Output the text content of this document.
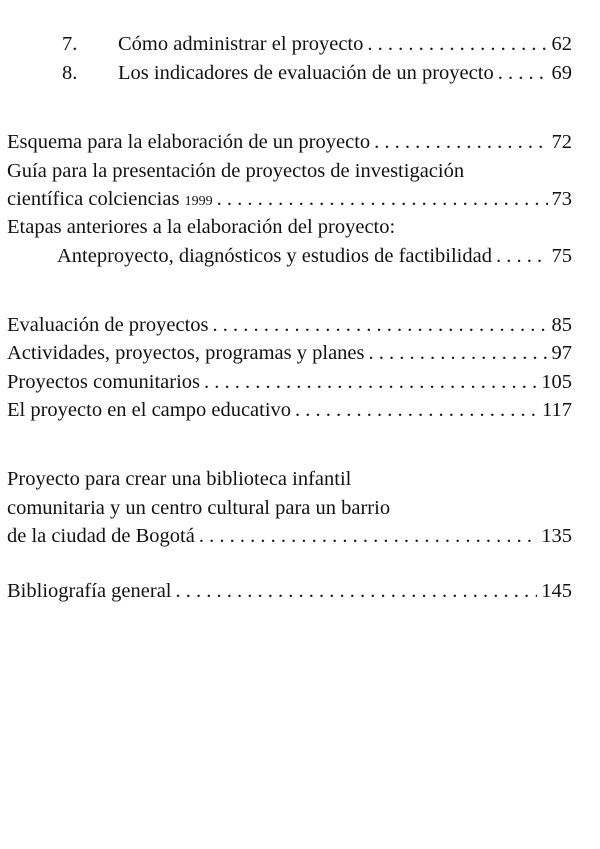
7.	Cómo administrar el proyecto . . .	62
8.	Los indicadores de evaluación de un proyecto . . .	69
Esquema para la elaboración de un proyecto . . .	72
Guía para la presentación de proyectos de investigación
científica colciencias 1999 . . .	73
Etapas anteriores a la elaboración del proyecto:
Anteproyecto, diagnósticos y estudios de factibilidad . . .	75
Evaluación de proyectos . . .	85
Actividades, proyectos, programas y planes . . .	97
Proyectos comunitarios . . .	105
El proyecto en el campo educativo . . .	117
Proyecto para crear una biblioteca infantil
comunitaria y un centro cultural para un barrio
de la ciudad de Bogotá . . .	135
Bibliografía general . . .	145
